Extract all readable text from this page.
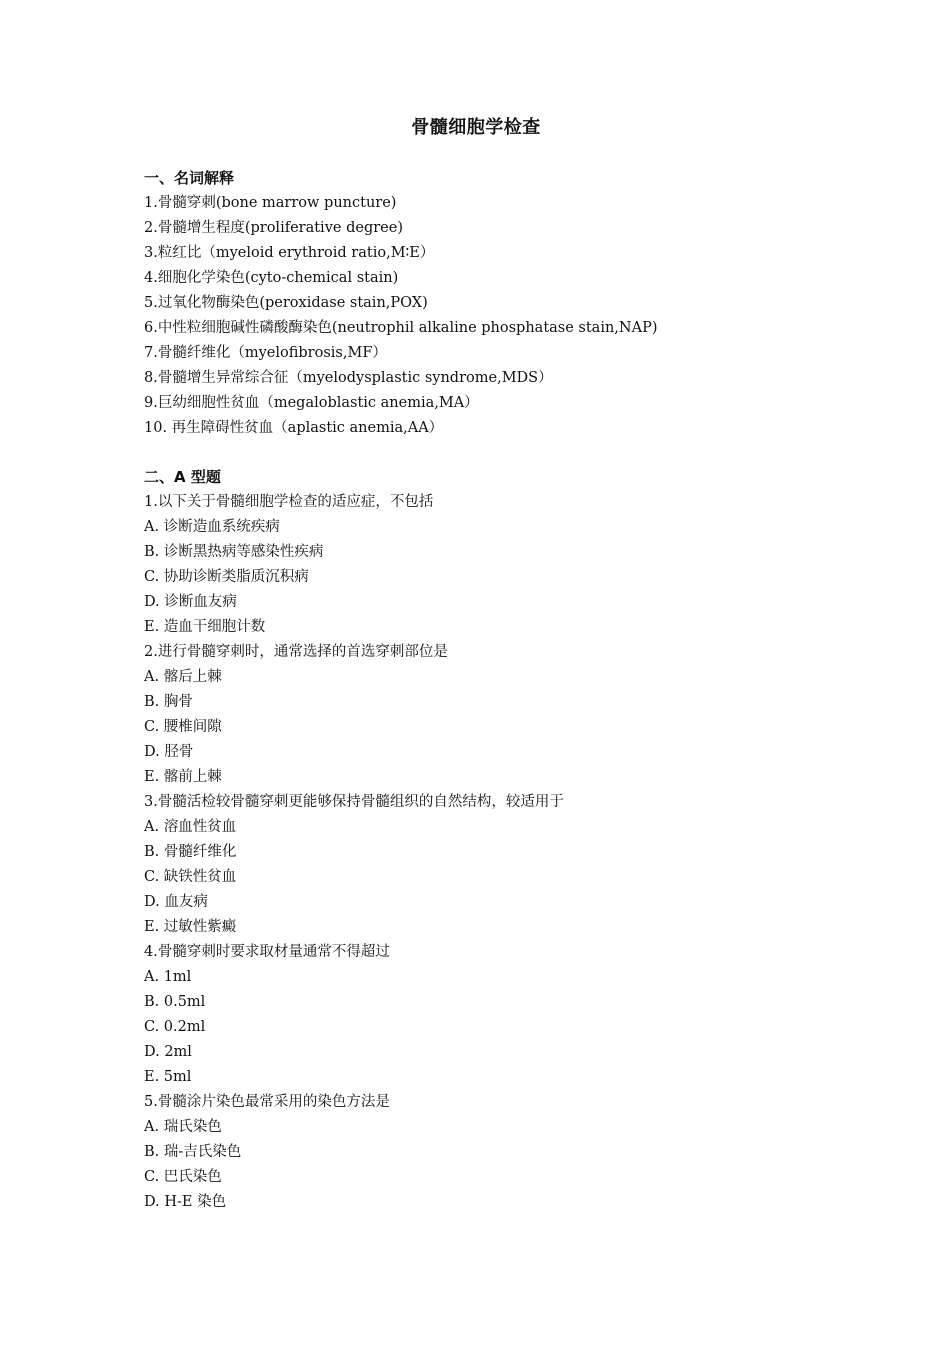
骨髓细胞学检查
一、名词解释
1.骨髓穿刺(bone marrow puncture)
2.骨髓增生程度(proliferative degree)
3.粒红比（myeloid erythroid ratio,M∶E）
4.细胞化学染色(cyto-chemical stain)
5.过氧化物酶染色(peroxidase stain,POX)
6.中性粒细胞碱性磷酸酶染色(neutrophil alkaline phosphatase stain,NAP)
7.骨髓纤维化（myelofibrosis,MF）
8.骨髓增生异常综合征（myelodysplastic syndrome,MDS）
9.巨幼细胞性贫血（megaloblastic anemia,MA）
10. 再生障碍性贫血（aplastic anemia,AA）
二、A 型题
1.以下关于骨髓细胞学检查的适应症，不包括
A. 诊断造血系统疾病
B. 诊断黑热病等感染性疾病
C. 协助诊断类脂质沉积病
D. 诊断血友病
E. 造血干细胞计数
2.进行骨髓穿刺时，通常选择的首选穿刺部位是
A. 髂后上棘
B. 胸骨
C. 腰椎间隙
D. 胫骨
E. 髂前上棘
3.骨髓活检较骨髓穿刺更能够保持骨髓组织的自然结构，较适用于
A. 溶血性贫血
B. 骨髓纤维化
C. 缺铁性贫血
D. 血友病
E. 过敏性紫癜
4.骨髓穿刺时要求取材量通常不得超过
A. 1ml
B. 0.5ml
C. 0.2ml
D. 2ml
E. 5ml
5.骨髓涂片染色最常采用的染色方法是
A. 瑞氏染色
B. 瑞-吉氏染色
C. 巴氏染色
D. H-E 染色
